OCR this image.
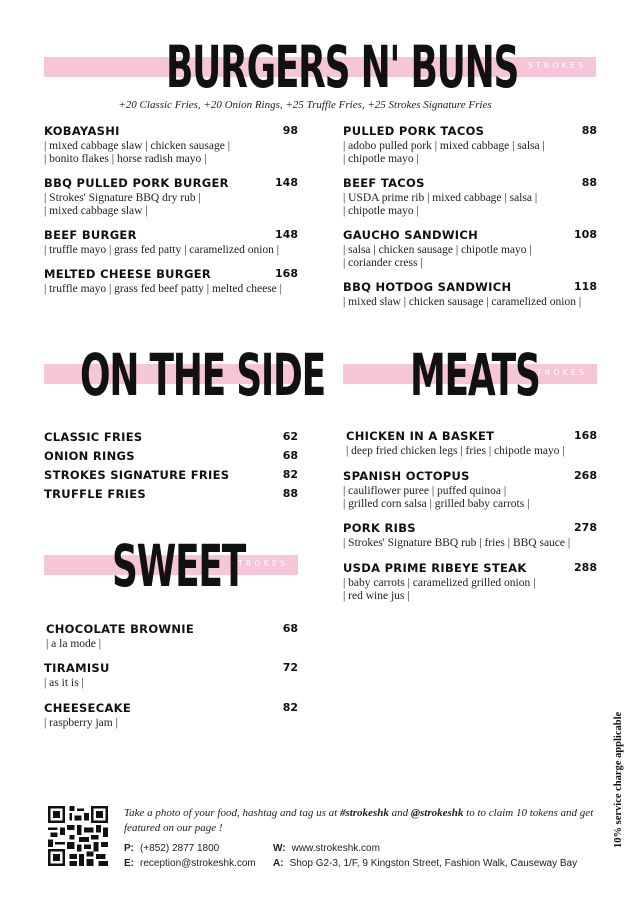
STROKES
BURGERS N' BUNS
+20 Classic Fries, +20 Onion Rings, +25 Truffle Fries, +25 Strokes Signature Fries
KOBAYASHI	98
| mixed cabbage slaw | chicken sausage |
| bonito flakes | horse radish mayo |
BBQ PULLED PORK BURGER	148
| Strokes' Signature BBQ dry rub |
| mixed cabbage slaw |
BEEF BURGER	148
| truffle mayo | grass fed patty | caramelized onion |
MELTED CHEESE BURGER	168
| truffle mayo | grass fed beef patty | melted cheese |
PULLED PORK TACOS	88
| adobo pulled pork | mixed cabbage | salsa |
| chipotle mayo |
BEEF TACOS	88
| USDA prime rib | mixed cabbage | salsa |
| chipotle mayo |
GAUCHO SANDWICH	108
| salsa | chicken sausage | chipotle mayo |
| coriander cress |
BBQ HOTDOG SANDWICH	118
| mixed slaw | chicken sausage | caramelized onion |
ON THE SIDE
CLASSIC FRIES	62
ONION RINGS	68
STROKES SIGNATURE FRIES	82
TRUFFLE FRIES	88
STROKES
MEATS
CHICKEN IN A BASKET	168
| deep fried chicken legs | fries | chipotle mayo |
SPANISH OCTOPUS	268
| cauliflower puree | puffed quinoa |
| grilled corn salsa | grilled baby carrots |
PORK RIBS	278
| Strokes' Signature BBQ rub | fries | BBQ sauce |
USDA PRIME RIBEYE STEAK	288
| baby carrots | caramelized grilled onion |
| red wine jus |
STROKES
SWEET
CHOCOLATE BROWNIE	68
| a la mode |
TIRAMISU	72
| as it is |
CHEESECAKE	82
| raspberry jam |
Take a photo of your food, hashtag and tag us at #strokeshk and @strokeshk to to claim 10 tokens and get featured on our page !
P: (+852) 2877 1800
E: reception@strokeshk.com
W: www.strokeshk.com
A: Shop G2-3, 1/F, 9 Kingston Street, Fashion Walk, Causeway Bay
10% service charge applicable
